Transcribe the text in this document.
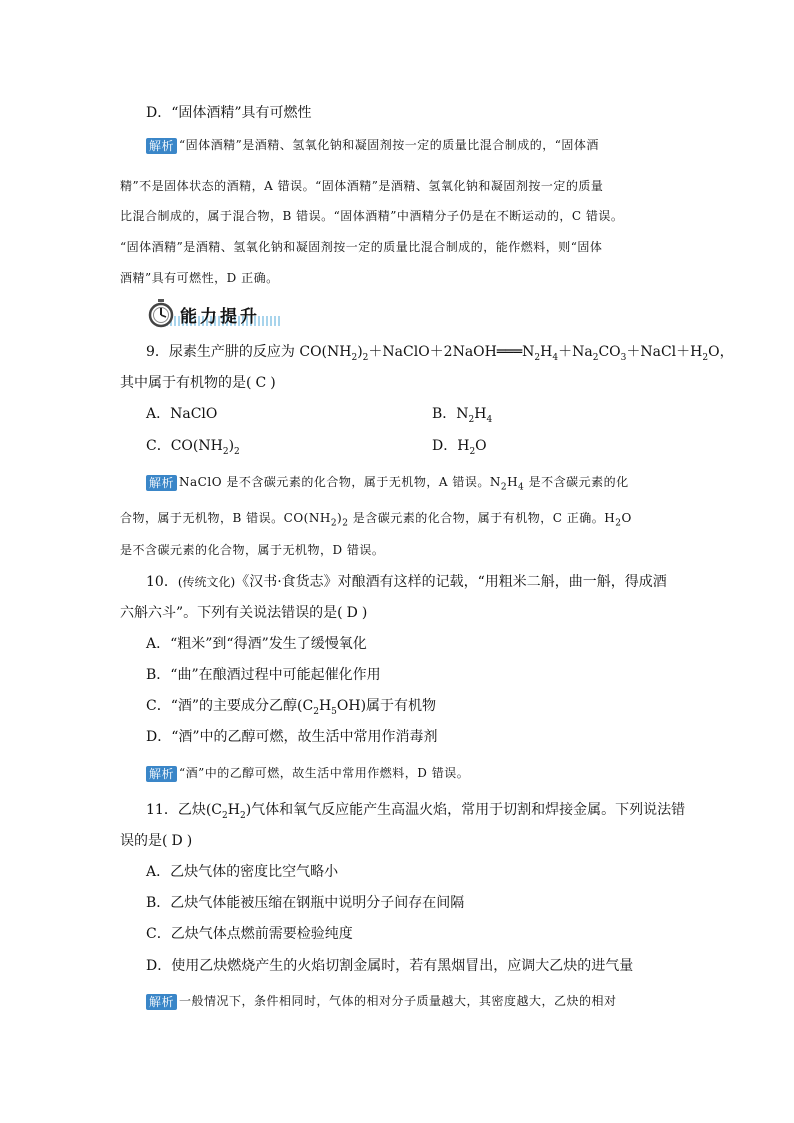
D．“固体酒精”具有可燃性
解析 “固体酒精”是酒精、氢氧化钠和凝固剂按一定的质量比混合制成的，“固体酒
精”不是固体状态的酒精，A 错误。“固体酒精”是酒精、氢氧化钠和凝固剂按一定的质量
比混合制成的，属于混合物，B 错误。“固体酒精”中酒精分子仍是在不断运动的，C 错误。
“固体酒精”是酒精、氢氧化钠和凝固剂按一定的质量比混合制成的，能作燃料，则“固体
酒精”具有可燃性，D 正确。
能力提升
9．尿素生产肼的反应为 $CO(NH_2)_2+NaClO+2NaOH═══N_2H_4+Na_2CO_3+NaCl+H_2O$，
其中属于有机物的是( C )
A．NaClO	B．$N_2H_4$
C．$CO(NH_2)_2$	D．$H_2O$
解析 NaClO 是不含碳元素的化合物，属于无机物，A 错误。$N_2H_4$ 是不含碳元素的化
合物，属于无机物，B 错误。$CO(NH_2)_2$ 是含碳元素的化合物，属于有机物，C 正确。$H_2O$
是不含碳元素的化合物，属于无机物，D 错误。
10．(传统文化)《汉书·食货志》对酿酒有这样的记载，“用粗米二斛，曲一斛，得成酒
六斛六斗”。下列有关说法错误的是( D )
A．“粗米”到“得酒”发生了缓慢氧化
B．“曲”在酿酒过程中可能起催化作用
C．“酒”的主要成分乙醇$(C_2H_5OH)$属于有机物
D．“酒”中的乙醇可燃，故生活中常用作消毒剂
解析 “酒”中的乙醇可燃，故生活中常用作燃料，D 错误。
11．乙炔$(C_2H_2)$气体和氧气反应能产生高温火焰，常用于切割和焊接金属。下列说法错
误的是( D )
A．乙炔气体的密度比空气略小
B．乙炔气体能被压缩在钢瓶中说明分子间存在间隔
C．乙炔气体点燃前需要检验纯度
D．使用乙炔燃烧产生的火焰切割金属时，若有黑烟冒出，应调大乙炔的进气量
解析 一般情况下，条件相同时，气体的相对分子质量越大，其密度越大，乙炔的相对
